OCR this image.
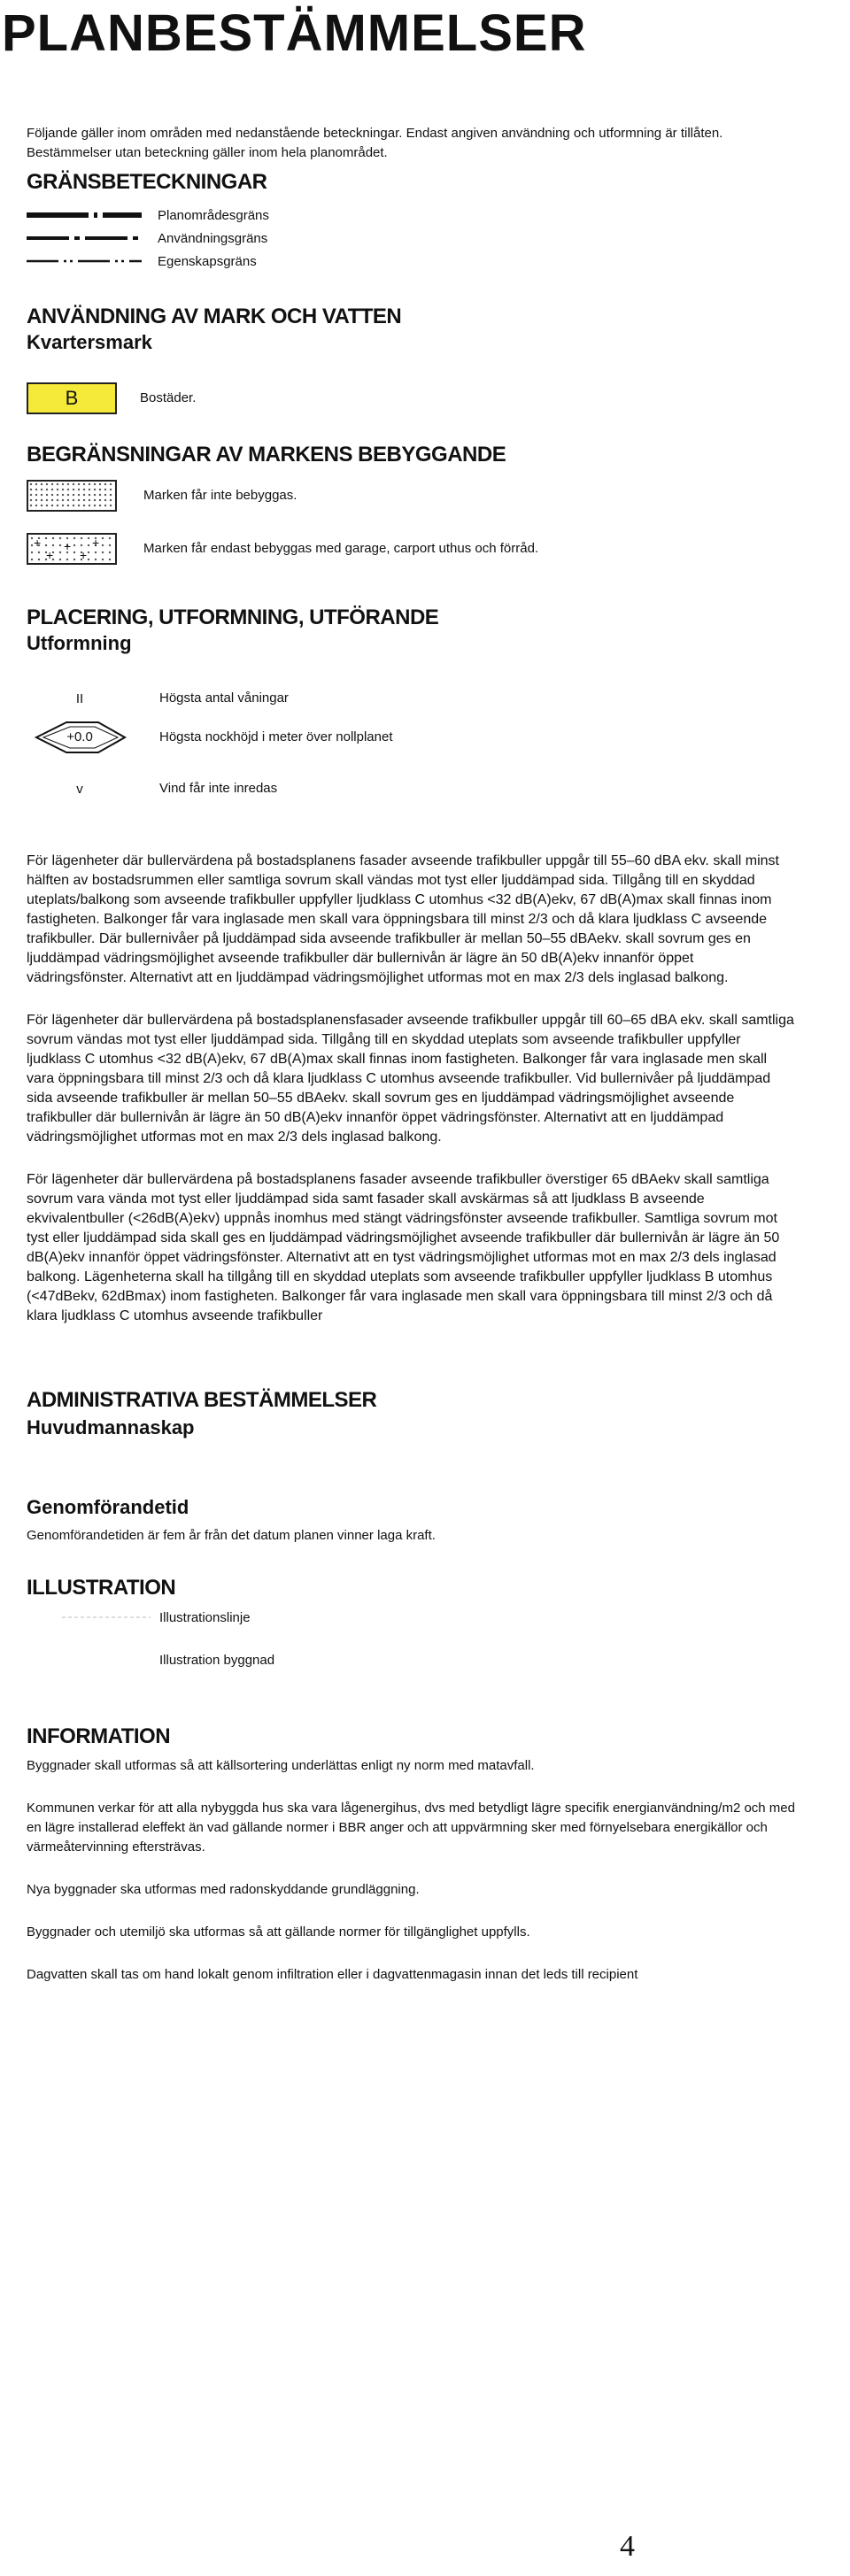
PLANBESTÄMMELSER

Följande gäller inom områden med nedanstående beteckningar. Endast angiven användning och utformning är tillåten. Bestämmelser utan beteckning gäller inom hela planområdet.

GRÄNSBETECKNINGAR
Planområdesgräns
Användningsgräns
Egenskapsgräns
ANVÄNDNING AV MARK OCH VATTEN
Kvartersmark
B	Bostäder.
BEGRÄNSNINGAR AV MARKENS BEBYGGANDE
Marken får inte bebyggas.
+ + +
+ +	Marken får endast bebyggas med garage, carport uthus och förråd.
PLACERING, UTFORMNING, UTFÖRANDE
Utformning
II	Högsta antal våningar
+0.0	Högsta nockhöjd i meter över nollplanet
v	Vind får inte inredas

För lägenheter där bullervärdena på bostadsplanens fasader avseende trafikbuller uppgår till 55–60 dBA ekv. skall minst hälften av bostadsrummen eller samtliga sovrum skall vändas mot tyst eller ljuddämpad sida. Tillgång till en skyddad uteplats/balkong som avseende trafikbuller uppfyller ljudklass C utomhus <32 dB(A)ekv, 67 dB(A)max skall finnas inom fastigheten. Balkonger får vara inglasade men skall vara öppningsbara till minst 2/3 och då klara ljudklass C avseende trafikbuller. Där bullernivåer på ljuddämpad sida avseende trafikbuller är mellan 50–55 dBAekv. skall sovrum ges en ljuddämpad vädringsmöjlighet avseende trafikbuller där bullernivån är lägre än 50 dB(A)ekv innanför öppet vädringsfönster. Alternativt att en ljuddämpad vädringsmöjlighet utformas mot en max 2/3 dels inglasad balkong.

För lägenheter där bullervärdena på bostadsplanensfasader avseende trafikbuller uppgår till 60–65 dBA ekv. skall samtliga sovrum vändas mot tyst eller ljuddämpad sida. Tillgång till en skyddad uteplats som avseende trafikbuller uppfyller ljudklass C utomhus <32 dB(A)ekv, 67 dB(A)max skall finnas inom fastigheten. Balkonger får vara inglasade men skall vara öppningsbara till minst 2/3 och då klara ljudklass C utomhus avseende trafikbuller. Vid bullernivåer på ljuddämpad sida avseende trafikbuller är mellan 50–55 dBAekv. skall sovrum ges en ljuddämpad vädringsmöjlighet avseende trafikbuller där bullernivån är lägre än 50 dB(A)ekv innanför öppet vädringsfönster. Alternativt att en ljuddämpad vädringsmöjlighet utformas mot en max 2/3 dels inglasad balkong.

För lägenheter där bullervärdena på bostadsplanens fasader avseende trafikbuller överstiger 65 dBAekv skall samtliga sovrum vara vända mot tyst eller ljuddämpad sida samt fasader skall avskärmas så att ljudklass B avseende ekvivalentbuller (<26dB(A)ekv) uppnås inomhus med stängt vädringsfönster avseende trafikbuller. Samtliga sovrum mot tyst eller ljuddämpad sida skall ges en ljuddämpad vädringsmöjlighet avseende trafikbuller där bullernivån är lägre än 50 dB(A)ekv innanför öppet vädringsfönster. Alternativt att en tyst vädringsmöjlighet utformas mot en max 2/3 dels inglasad balkong. Lägenheterna skall ha tillgång till en skyddad uteplats som avseende trafikbuller uppfyller ljudklass B utomhus (<47dBekv, 62dBmax) inom fastigheten. Balkonger får vara inglasade men skall vara öppningsbara till minst 2/3 och då klara ljudklass C utomhus avseende trafikbuller

ADMINISTRATIVA BESTÄMMELSER
Huvudmannaskap
Genomförandetid

Genomförandetiden är fem år från det datum planen vinner laga kraft.

ILLUSTRATION
Illustrationslinje
Illustration byggnad
INFORMATION

Byggnader skall utformas så att källsortering underlättas enligt ny norm med matavfall.

Kommunen verkar för att alla nybyggda hus ska vara lågenergihus, dvs med betydligt lägre specifik energianvändning/m2 och med en lägre installerad eleffekt än vad gällande normer i BBR anger och att uppvärmning sker med förnyelsebara energikällor och värmeåtervinning eftersträvas.

Nya byggnader ska utformas med radonskyddande grundläggning.

Byggnader och utemiljö ska utformas så att gällande normer för tillgänglighet uppfylls.

Dagvatten skall tas om hand lokalt genom infiltration eller i dagvattenmagasin innan det leds till recipient

4
